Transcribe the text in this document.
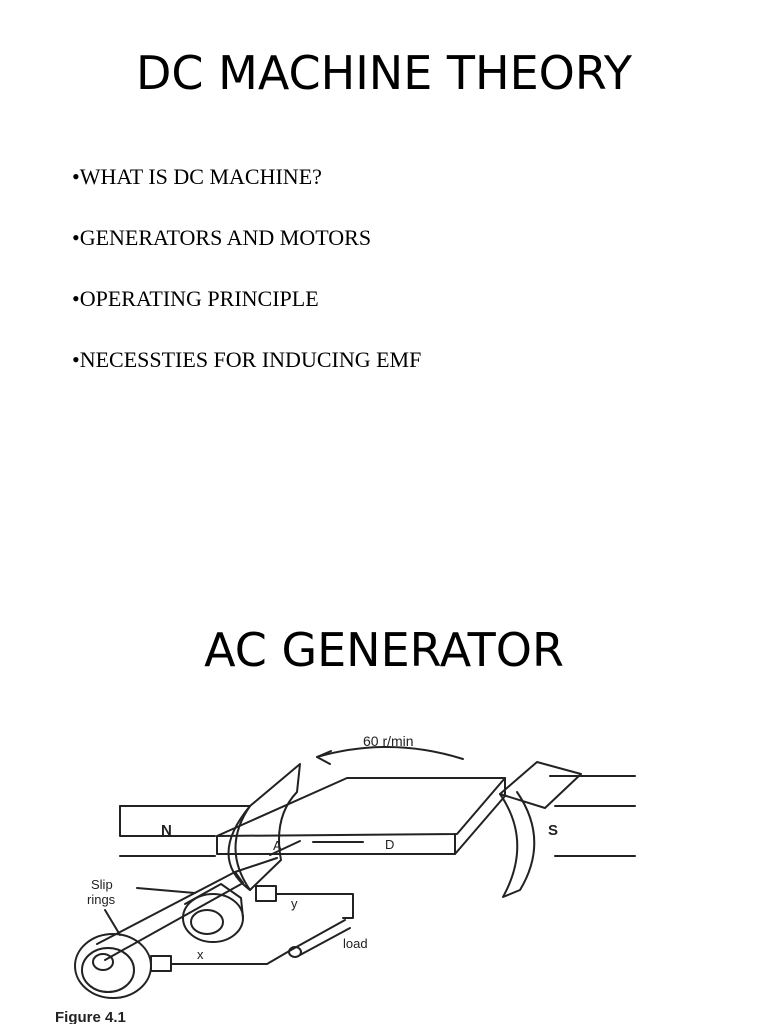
DC MACHINE THEORY
•WHAT IS DC MACHINE?
•GENERATORS AND MOTORS
•OPERATING PRINCIPLE
•NECESSTIES FOR INDUCING EMF
AC GENERATOR
60 r/min
N	S
A	D
Slip
rings	y
x
load
Figure 4.1
